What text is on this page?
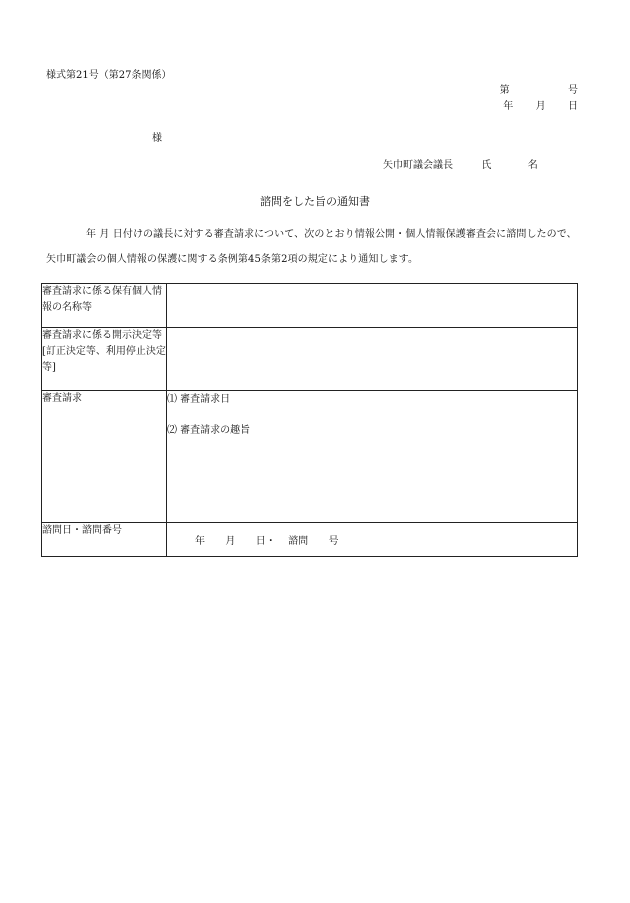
様式第21号（第27条関係）
第	号
年 月 日
様
矢巾町議会議長	氏	名
諮問をした旨の通知書
年 月 日付けの議長に対する審査請求について、次のとおり情報公開・個人情報保護審査会に諮問したので、矢巾町議会の個人情報の保護に関する条例第45条第2項の規定により通知します。
審査請求に係る保有個人情報の名称等	
審査請求に係る開示決定等[訂正決定等、利用停止決定等]	
審査請求	⑴ 審査請求日
⑵ 審査請求の趣旨

諮問日・諮問番号	年 月 日・ 諮問 号
